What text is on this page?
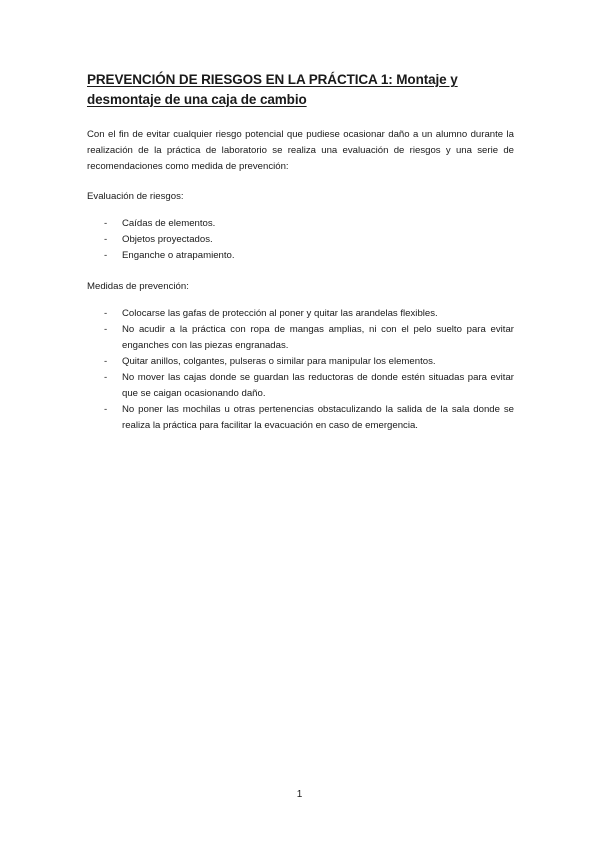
PREVENCIÓN DE RIESGOS EN LA PRÁCTICA 1: Montaje y desmontaje de una caja de cambio

Con el fin de evitar cualquier riesgo potencial que pudiese ocasionar daño a un alumno durante la realización de la práctica de laboratorio se realiza una evaluación de riesgos y una serie de recomendaciones como medida de prevención:

Evaluación de riesgos:
- Caídas de elementos.
- Objetos proyectados.
- Enganche o atrapamiento.
Medidas de prevención:
- Colocarse las gafas de protección al poner y quitar las arandelas flexibles.
- No acudir a la práctica con ropa de mangas amplias, ni con el pelo suelto para evitar enganches con las piezas engranadas.
- Quitar anillos, colgantes, pulseras o similar para manipular los elementos.
- No mover las cajas donde se guardan las reductoras de donde estén situadas para evitar que se caigan ocasionando daño.
- No poner las mochilas u otras pertenencias obstaculizando la salida de la sala donde se realiza la práctica para facilitar la evacuación en caso de emergencia.
1
